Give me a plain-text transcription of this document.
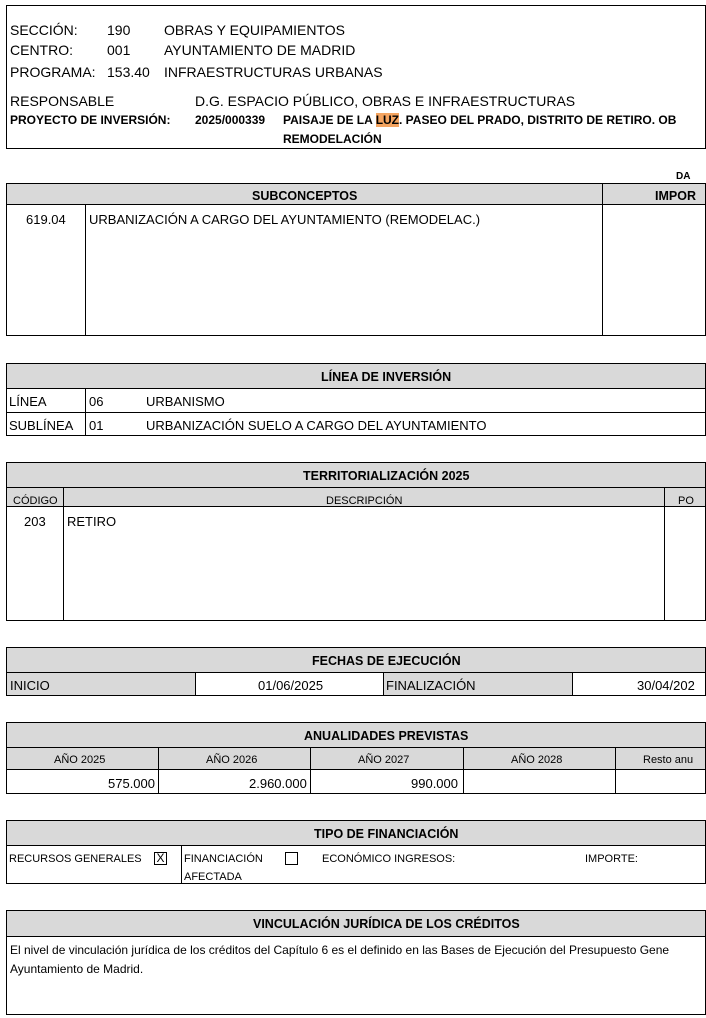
SECCIÓN: 190 OBRAS Y EQUIPAMIENTOS
CENTRO: 001 AYUNTAMIENTO DE MADRID
PROGRAMA: 153.40 INFRAESTRUCTURAS URBANAS
RESPONSABLE	D.G. ESPACIO PÚBLICO, OBRAS E INFRAESTRUCTURAS
PROYECTO DE INVERSIÓN: 2025/000339 PAISAJE DE LA LUZ. PASEO DEL PRADO, DISTRITO DE RETIRO. OB
REMODELACIÓN
DA
SUBCONCEPTOS	IMPOR
619.04 URBANIZACIÓN A CARGO DEL AYUNTAMIENTO (REMODELAC.)
LÍNEA DE INVERSIÓN
LÍNEA	06	URBANISMO
SUBLÍNEA 01	URBANIZACIÓN SUELO A CARGO DEL AYUNTAMIENTO
TERRITORIALIZACIÓN 2025
CÓDIGO	DESCRIPCIÓN	PO
203 RETIRO
FECHAS DE EJECUCIÓN
INICIO	01/06/2025	FINALIZACIÓN	30/04/202
ANUALIDADES PREVISTAS
AÑO 2025	AÑO 2026	AÑO 2027	AÑO 2028	Resto anu
575.000	2.960.000	990.000
TIPO DE FINANCIACIÓN
RECURSOS GENERALES X FINANCIACIÓN
AFECTADA
ECONÓMICO INGRESOS:	IMPORTE:
VINCULACIÓN JURÍDICA DE LOS CRÉDITOS
El nivel de vinculación jurídica de los créditos del Capítulo 6 es el definido en las Bases de Ejecución del Presupuesto Gene
Ayuntamiento de Madrid.
